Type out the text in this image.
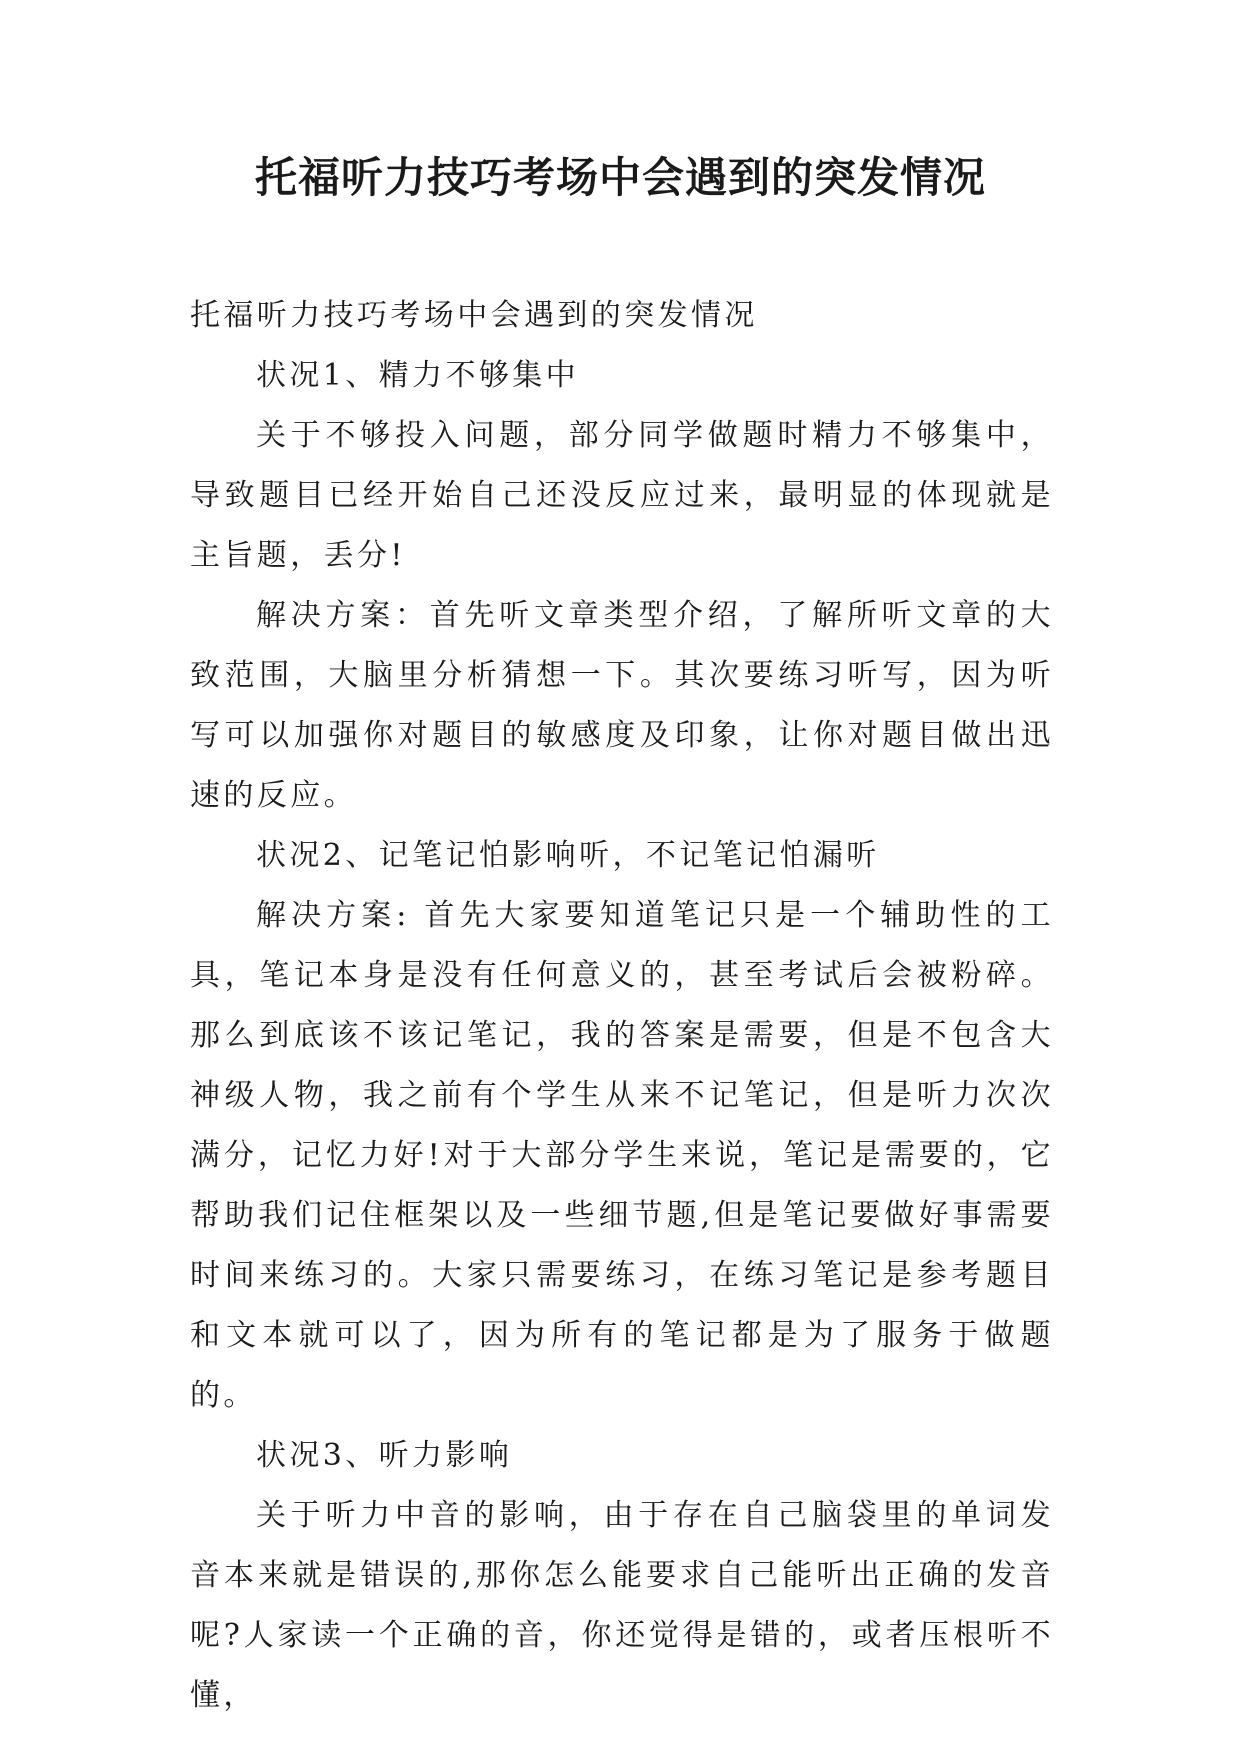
托福听力技巧考场中会遇到的突发情况

托福听力技巧考场中会遇到的突发情况

状况1、精力不够集中

关于不够投入问题，部分同学做题时精力不够集中，导致题目已经开始自己还没反应过来，最明显的体现就是主旨题，丢分!

解决方案：首先听文章类型介绍，了解所听文章的大致范围，大脑里分析猜想一下。其次要练习听写，因为听写可以加强你对题目的敏感度及印象，让你对题目做出迅速的反应。

状况2、记笔记怕影响听，不记笔记怕漏听

解决方案: 首先大家要知道笔记只是一个辅助性的工具，笔记本身是没有任何意义的，甚至考试后会被粉碎。那么到底该不该记笔记，我的答案是需要，但是不包含大神级人物，我之前有个学生从来不记笔记，但是听力次次满分，记忆力好!对于大部分学生来说，笔记是需要的，它帮助我们记住框架以及一些细节题,但是笔记要做好事需要时间来练习的。大家只需要练习，在练习笔记是参考题目和文本就可以了，因为所有的笔记都是为了服务于做题的。

状况3、听力影响

关于听力中音的影响，由于存在自己脑袋里的单词发音本来就是错误的,那你怎么能要求自己能听出正确的发音呢?人家读一个正确的音，你还觉得是错的，或者压根听不懂，
